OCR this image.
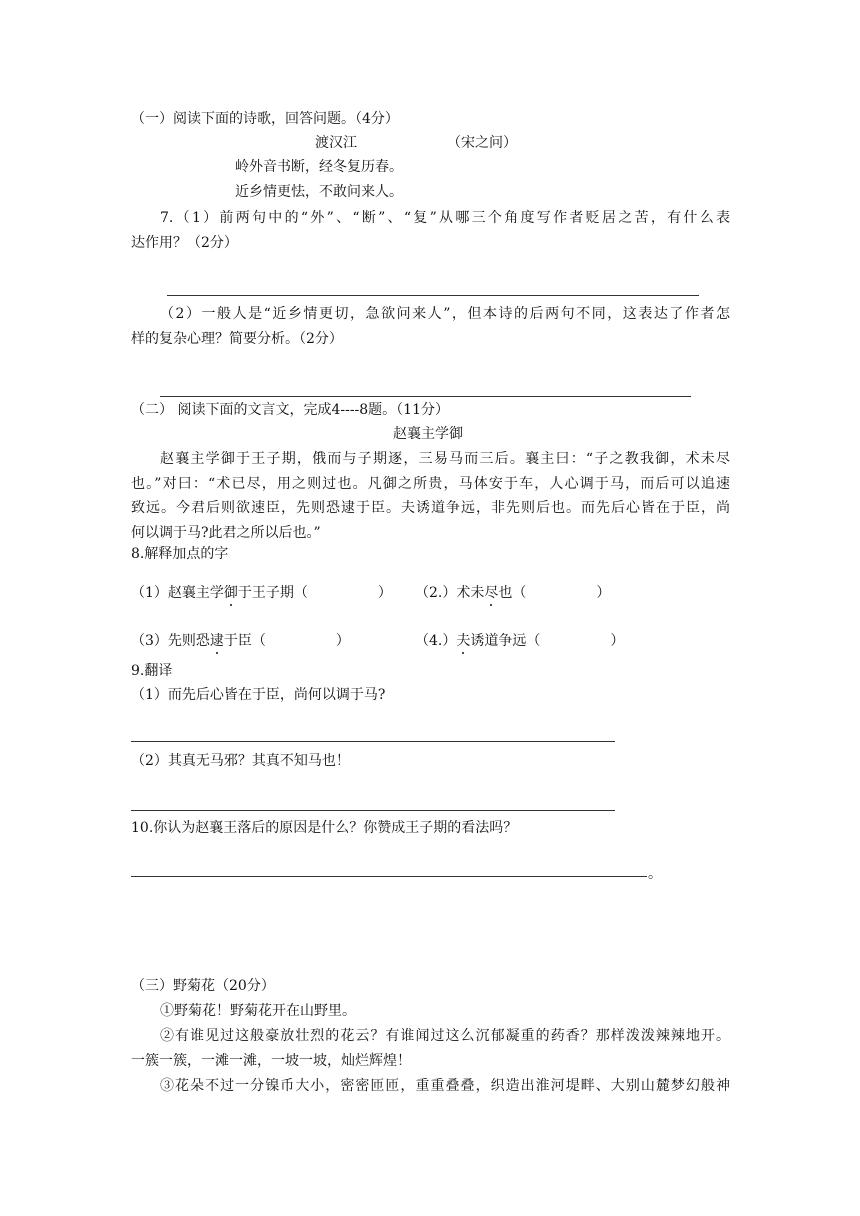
（一）阅读下面的诗歌，回答问题。（4分）
渡汉江	（宋之问）
岭外音书断，经冬复历春。
近乡情更怯，不敢问来人。
7.（1）前两句中的“外”、“断”、“复”从哪三个角度写作者贬居之苦，有什么表
达作用？（2分）
（2）一般人是“近乡情更切，急欲问来人”，但本诗的后两句不同，这表达了作者怎
样的复杂心理？简要分析。（2分）
（二） 阅读下面的文言文，完成4----8题。（11分）
赵襄主学御
赵襄主学御于王子期，俄而与子期逐，三易马而三后。襄主曰：“子之教我御，术未尽
也。”对曰：“术已尽，用之则过也。凡御之所贵，马体安于车，人心调于马，而后可以追速
致远。今君后则欲速臣，先则恐逮于臣。夫诱道争远，非先则后也。而先后心皆在于臣，尚
何以调于马?此君之所以后也。”
8.解释加点的字
（1）赵襄主学御于王子期（　　　　　） （2.）术未尽也（　　　　　）
（3）先则恐逮于臣（　　　　　）	（4.）夫诱道争远（　　　　　）
9.翻译
（1）而先后心皆在于臣，尚何以调于马?
（2）其真无马邪？其真不知马也！
10.你认为赵襄王落后的原因是什么？你赞成王子期的看法吗？
。
（三）野菊花（20分）
①野菊花！野菊花开在山野里。
②有谁见过这般豪放壮烈的花云？有谁闻过这么沉郁凝重的药香？那样泼泼辣辣地开。
一簇一簇，一滩一滩，一坡一坡，灿烂辉煌！
③花朵不过一分镍币大小，密密匝匝，重重叠叠，织造出淮河堤畔、大别山麓梦幻般神
